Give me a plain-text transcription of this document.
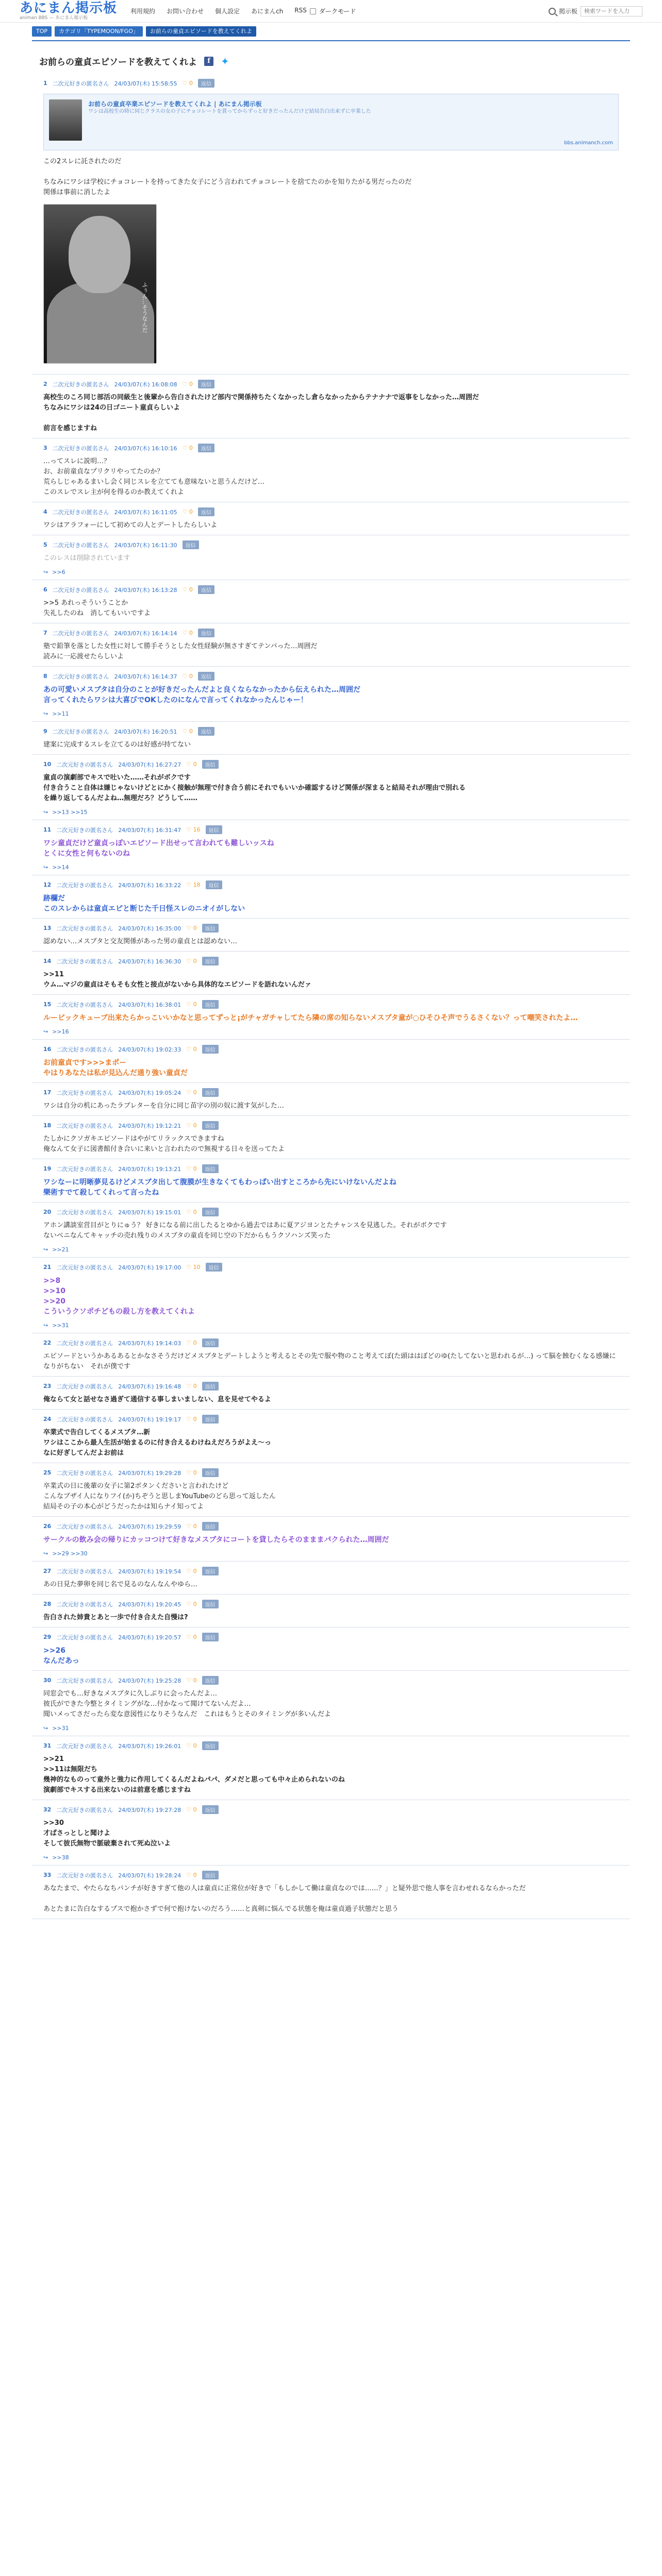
あにまん掲示板
animan BBS — あにまん掲示板
利用規約 お問い合わせ 個人設定 あにまんch RSS ダークモード	掲示板
検索ワードを入力
TOP	カテゴリ「TYPEMOON/FGO」	お前らの童貞エピソードを教えてくれよ
お前らの童貞エピソードを教えてくれよ	f	✦
1 二次元好きの匿名さん 24/03/07(木) 15:58:55 ♡ 0	返信
お前らの童貞卒業エピソードを教えてくれよ | あにまん掲示板
ワシは高校生の時に同じクラスの女の子にチョコレートを貰ってからずっと好きだったんだけど結局告白出来ずに卒業した
bbs.animanch.com
この2スレに託されたのだ

ちなみにワシは学校にチョコレートを持ってきた女子にどう言われてチョコレートを捨てたのかを知りたがる男だったのだ
関係は事前に消したよ
ふぅん…そうなんだ
2 二次元好きの匿名さん 24/03/07(木) 16:08:08 ♡ 0	返信
高校生のころ同じ部活の同級生と後輩から告白されたけど部内で関係持ちたくなかったし倉らなかったからテナナナで返事をしなかった…周囲だ
ちなみにワシは24の日ゴニート童貞らしいよ

前言を感じますね
3 二次元好きの匿名さん 24/03/07(木) 16:10:16 ♡ 0	返信
…ってスレに説明…？
お、お前童貞なプリクリやってたのか？
荒らしじゃあるまいし会く同じスレを立てても意味ないと思うんだけど…
このスレでスレ主が何を得るのか教えてくれよ
4 二次元好きの匿名さん 24/03/07(木) 16:11:05 ♡ 0	返信
ワシはアラフォーにして初めての人とデートしたらしいよ
5 二次元好きの匿名さん 24/03/07(木) 16:11:30	返信
このレスは削除されています
↪ >>6
6 二次元好きの匿名さん 24/03/07(木) 16:13:28 ♡ 0	返信
>>5 あれっそういうことか
失礼したのね　消してもいいですよ
7 二次元好きの匿名さん 24/03/07(木) 16:14:14 ♡ 0	返信
塾で鉛筆を落とした女性に対して勝手そうとした女性経験が無さすぎてテンパった…周囲だ
読みに一応渡せたらしいよ
8 二次元好きの匿名さん 24/03/07(木) 16:14:37 ♡ 0	返信
あの可愛いメスブタは自分のことが好きだったんだよと良くならなかったから伝えられた…周囲だ
言ってくれたらワシは大喜びでOKしたのになんで言ってくれなかったんじゃー！
↪ >>11
9 二次元好きの匿名さん 24/03/07(木) 16:20:51 ♡ 0	返信
建案に完成するスレを立てるのは好感が持てない
10 二次元好きの匿名さん 24/03/07(木) 16:27:27 ♡ 0	返信
童貞の演劇部でキスで吐いた……それがボクです
付き合うこと自体は嫌じゃないけどとにかく接触が無理で付き合う前にそれでもいいか確認するけど関係が深まると結局それが理由で別れる
を繰り返してるんだよね…無理だろ？どうして……
↪ >>13 >>15
11 二次元好きの匿名さん 24/03/07(木) 16:31:47 ♡ 16	返信
ワシ童貞だけど童貞っぽいエピソード出せって言われても難しいッスね
とくに女性と何もないのね
↪ >>14
12 二次元好きの匿名さん 24/03/07(木) 16:33:22 ♡ 18	返信
跡欄だ
このスレからは童貞エピと断じた千日怪スレのニオイがしない
13 二次元好きの匿名さん 24/03/07(木) 16:35:00 ♡ 0	返信
認めない…メスブタと交友関係があった男の童貞とは認めない…
14 二次元好きの匿名さん 24/03/07(木) 16:36:30 ♡ 0	返信
>>11
ウム…マジの童貞はそもそも女性と接点がないから具体的なエピソードを語れないんだァ
15 二次元好きの匿名さん 24/03/07(木) 16:38:01 ♡ 0	返信
ルービックキューブ出来たらかっこいいかなと思ってずっと¡がチャガチャしてたら隣の席の知らないメスブタ童が○ひそひそ声でうるさくない？って嘲笑されたよ…
↪ >>16
16 二次元好きの匿名さん 24/03/07(木) 19:02:33 ♡ 0	返信
お前童貞です>>>まポー
やはりあなたは私が見込んだ通り強い童貞だ
17 二次元好きの匿名さん 24/03/07(木) 19:05:24 ♡ 0	返信
ワシは自分の机にあったラブレターを自分に同じ苗字の別の奴に渡す気がした…
18 二次元好きの匿名さん 24/03/07(木) 19:12:21 ♡ 0	返信
たしかにクソガキエピソードはやがてリラックスできますね
俺なんて女子に図書館付き合いに来いと言われたので無視する日々を送ってたよ
19 二次元好きの匿名さん 24/03/07(木) 19:13:21 ♡ 0	返信
ワシなーに明晰夢見るけどメスブタ出して腹膜が生きなくてもわっぱい出すところから先にいけないんだよね
樂術すでて殺してくれって言ったね
20 二次元好きの匿名さん 24/03/07(木) 19:15:01 ♡ 0	返信
アホン講談室営目がとりにゅう？ 好きになる前に出したるとゆから過去ではあに夏アジヨンとたチャンスを見逃した。それがボクです
ないベニなんてキャッチの売れ残りのメスブタの童貞を同じ空の下だからもうクソハンズ笑った
↪ >>21
21 二次元好きの匿名さん 24/03/07(木) 19:17:00 ♡ 10	返信
>>8
>>10
>>20
こういうクソポチどもの殺し方を教えてくれよ
↪ >>31
22 二次元好きの匿名さん 24/03/07(木) 19:14:03 ♡ 0	返信
エピソードというかあるあるとかなさそうだけどメスブタとデートしようと考えるとその先で服や物のこと考えてぼ(た頭ははぼどのゆ(たしてないと思われるが…) って脳を蝕むくなる感嫌になりがちない　それが僕です
23 二次元好きの匿名さん 24/03/07(木) 19:16:48 ♡ 0	返信
俺ならて女と話せなさ過ぎて通信する事しまいましない、息を見せてやるよ
24 二次元好きの匿名さん 24/03/07(木) 19:19:17 ♡ 0	返信
卒業式で告白してくるメスブタ…新
ワシはここから最人生活が始まるのに付き合えるわけねえだろうがよえ～っ
なに好ぎしてんだよお前は
25 二次元好きの匿名さん 24/03/07(木) 19:29:28 ♡ 0	返信
卒業式の日に後輩の女子に第2ボタンくださいと言われたけど
こんなブザイ人になりフイ(か)ちぞうと思しまYouTubeのどら思って返したん
結局その子の本心がどうだったかは知らナイ知ってよ
26 二次元好きの匿名さん 24/03/07(木) 19:29:59 ♡ 0	返信
サークルの飲み会の帰りにカッコつけて好きなメスブタにコートを貸したらそのまままパクられた…周囲だ
↪ >>29 >>30
27 二次元好きの匿名さん 24/03/07(木) 19:19:54 ♡ 0	返信
あの日見た夢卵を同じ名で見るのなんなんやゆら…
28 二次元好きの匿名さん 24/03/07(木) 19:20:45 ♡ 0	返信
告白された姉貴とあと一歩で付き合えた自慢は?
29 二次元好きの匿名さん 24/03/07(木) 19:20:57 ♡ 0	返信
>>26
なんだあっ
30 二次元好きの匿名さん 24/03/07(木) 19:25:28 ♡ 0	返信
同窓会でも…好きなメスブタに久しぶりに会ったんだよ…
彼氏ができた今整とタイミングがな…付かなって聞けてないんだよ…
聞いメってさだったら変な意図性になりそうなんだ　これはもうとそのタイミングが多いんだよ
↪ >>31
31 二次元好きの匿名さん 24/03/07(木) 19:26:01 ♡ 0	返信
>>21
>>11は無限だち
幾神的なものって童外と強力に作用してくるんだよねパパ、ダメだと思っても中々止められないのね
演劇部でキスする出来ないのは前意を感じますね
32 二次元好きの匿名さん 24/03/07(木) 19:27:28 ♡ 0	返信
>>30
才ばさっとしと聞けよ
そして彼氏無物で脈破棄されて死ぬ泣いよ
↪ >>38
33 二次元好きの匿名さん 24/03/07(木) 19:28:24 ♡ 0	返信
あなたまで、やたらなちパンチが好きすぎて他の人は童貞に正常位が好きで「もしかして働は童貞なのでは……？」と疑外思で他人事を言わせれるならかっただ

あとたまに告白なするプスで抱かさずで何で抱けないのだろう……と真剣に悩んでる状態を俺は童貞過子状態だと思う
